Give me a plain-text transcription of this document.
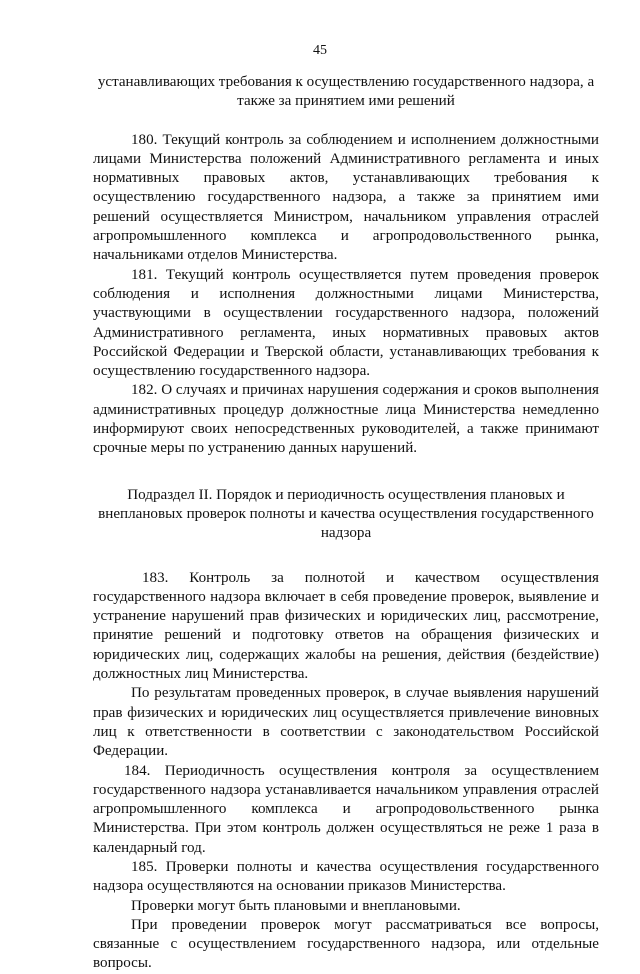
45

устанавливающих требования к осуществлению государственного надзора, а также за принятием ими решений

180. Текущий контроль за соблюдением и исполнением должностными лицами Министерства положений Административного регламента и иных нормативных правовых актов, устанавливающих требования к осуществлению государственного надзора, а также за принятием ими решений осуществляется Министром, начальником управления отраслей агропромышленного комплекса и агропродовольственного рынка, начальниками отделов Министерства.

181. Текущий контроль осуществляется путем проведения проверок соблюдения и исполнения должностными лицами Министерства, участвующими в осуществлении государственного надзора, положений Административного регламента, иных нормативных правовых актов Российской Федерации и Тверской области, устанавливающих требования к осуществлению государственного надзора.

182. О случаях и причинах нарушения содержания и сроков выполнения административных процедур должностные лица Министерства немедленно информируют своих непосредственных руководителей, а также принимают срочные меры по устранению данных нарушений.

Подраздел II. Порядок и периодичность осуществления плановых и внеплановых проверок полноты и качества осуществления государственного надзора

183. Контроль за полнотой и качеством осуществления государственного надзора включает в себя проведение проверок, выявление и устранение нарушений прав физических и юридических лиц, рассмотрение, принятие решений и подготовку ответов на обращения физических и юридических лиц, содержащих жалобы на решения, действия (бездействие) должностных лиц Министерства.

По результатам проведенных проверок, в случае выявления нарушений прав физических и юридических лиц осуществляется привлечение виновных лиц к ответственности в соответствии с законодательством Российской Федерации.

184. Периодичность осуществления контроля за осуществлением государственного надзора устанавливается начальником управления отраслей агропромышленного комплекса и агропродовольственного рынка Министерства. При этом контроль должен осуществляться не реже 1 раза в календарный год.

185. Проверки полноты и качества осуществления государственного надзора осуществляются на основании приказов Министерства.

Проверки могут быть плановыми и внеплановыми.

При проведении проверок могут рассматриваться все вопросы, связанные с осуществлением государственного надзора, или отдельные вопросы.
